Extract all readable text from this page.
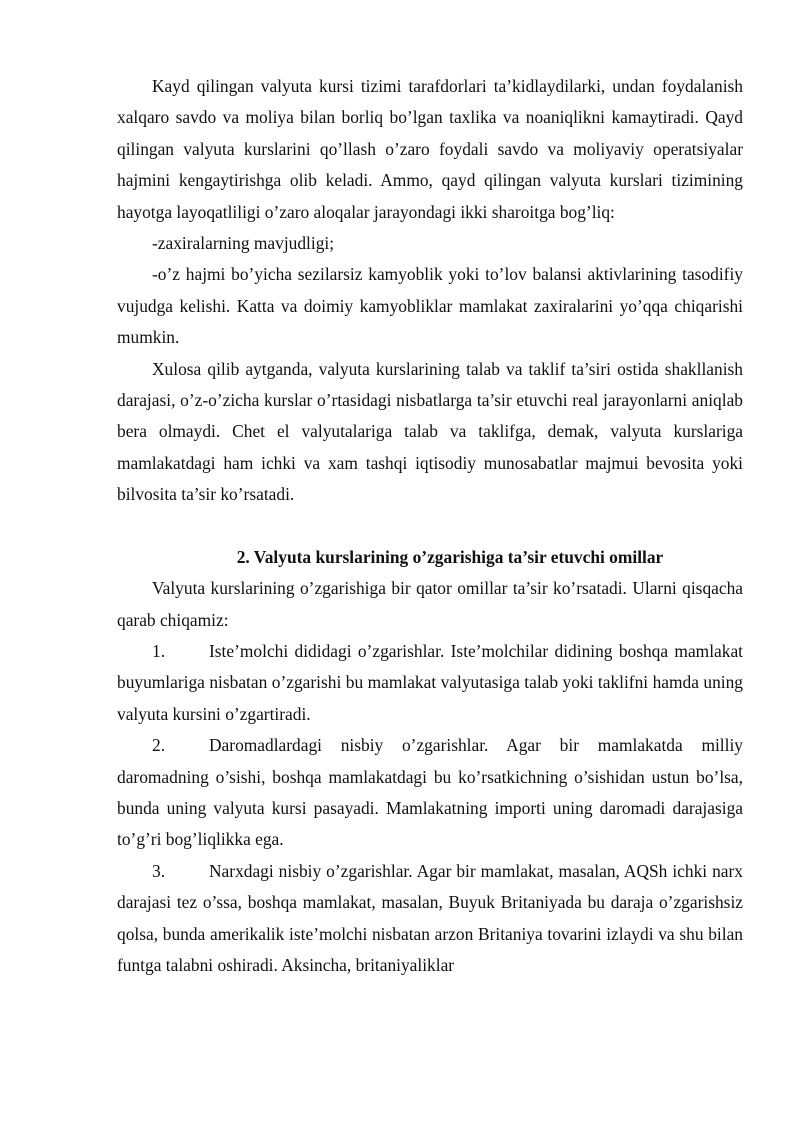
Kayd qilingan valyuta kursi tizimi tarafdorlari ta’kidlaydilarki, undan foydalanish xalqaro savdo va moliya bilan borliq bo’lgan taxlika va noaniqlikni kamaytiradi. Qayd qilingan valyuta kurslarini qo’llash o’zaro foydali savdo va moliyaviy operatsiyalar hajmini kengaytirishga olib keladi. Ammo, qayd qilingan valyuta kurslari tizimining hayotga layoqatliligi o’zaro aloqalar jarayondagi ikki sharoitga bog’liq:

-zaxiralarning mavjudligi;

-o’z hajmi bo’yicha sezilarsiz kamyoblik yoki to’lov balansi aktivlarining tasodifiy vujudga kelishi. Katta va doimiy kamyobliklar mamlakat zaxiralarini yo’qqa chiqarishi mumkin.

Xulosa qilib aytganda, valyuta kurslarining talab va taklif ta’siri ostida shakllanish darajasi, o’z-o’zicha kurslar o’rtasidagi nisbatlarga ta’sir etuvchi real jarayonlarni aniqlab bera olmaydi. Chet el valyutalariga talab va taklifga, demak, valyuta kurslariga mamlakatdagi ham ichki va xam tashqi iqtisodiy munosabatlar majmui bevosita yoki bilvosita ta’sir ko’rsatadi.

2. Valyuta kurslarining o’zgarishiga ta’sir etuvchi omillar

Valyuta kurslarining o’zgarishiga bir qator omillar ta’sir ko’rsatadi. Ularni qisqacha qarab chiqamiz:

1.	Iste’molchi dididagi o’zgarishlar. Iste’molchilar didining boshqa mamlakat buyumlariga nisbatan o’zgarishi bu mamlakat valyutasiga talab yoki taklifni hamda uning valyuta kursini o’zgartiradi.

2.	Daromadlardagi nisbiy o’zgarishlar. Agar bir mamlakatda milliy daromadning o’sishi, boshqa mamlakatdagi bu ko’rsatkichning o’sishidan ustun bo’lsa, bunda uning valyuta kursi pasayadi. Mamlakatning importi uning daromadi darajasiga to’g’ri bog’liqlikka ega.

3.	Narxdagi nisbiy o’zgarishlar. Agar bir mamlakat, masalan, AQSh ichki narx darajasi tez o’ssa, boshqa mamlakat, masalan, Buyuk Britaniyada bu daraja o’zgarishsiz qolsa, bunda amerikalik iste’molchi nisbatan arzon Britaniya tovarini izlaydi va shu bilan funtga talabni oshiradi. Aksincha, britaniyaliklar
